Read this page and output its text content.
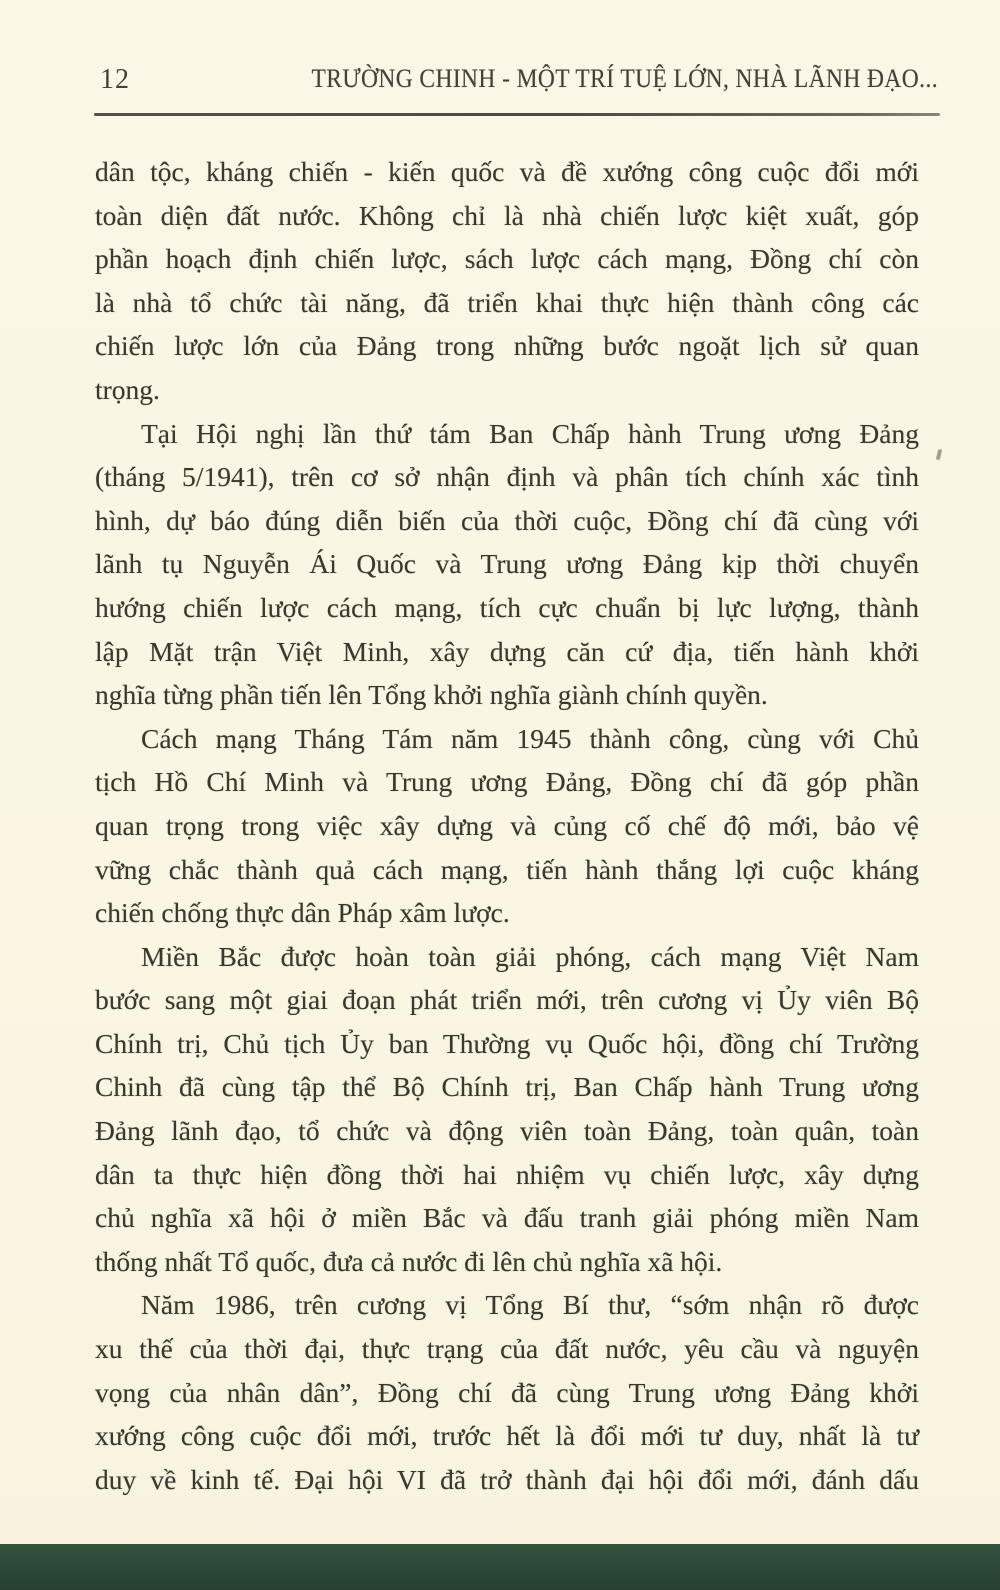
12	TRƯỜNG CHINH - MỘT TRÍ TUỆ LỚN, NHÀ LÃNH ĐẠO...
dân tộc, kháng chiến - kiến quốc và đề xướng công cuộc đổi mới
toàn diện đất nước. Không chỉ là nhà chiến lược kiệt xuất, góp
phần hoạch định chiến lược, sách lược cách mạng, Đồng chí còn
là nhà tổ chức tài năng, đã triển khai thực hiện thành công các
chiến lược lớn của Đảng trong những bước ngoặt lịch sử quan
trọng.
Tại Hội nghị lần thứ tám Ban Chấp hành Trung ương Đảng
(tháng 5/1941), trên cơ sở nhận định và phân tích chính xác tình
hình, dự báo đúng diễn biến của thời cuộc, Đồng chí đã cùng với
lãnh tụ Nguyễn Ái Quốc và Trung ương Đảng kịp thời chuyển
hướng chiến lược cách mạng, tích cực chuẩn bị lực lượng, thành
lập Mặt trận Việt Minh, xây dựng căn cứ địa, tiến hành khởi
nghĩa từng phần tiến lên Tổng khởi nghĩa giành chính quyền.
Cách mạng Tháng Tám năm 1945 thành công, cùng với Chủ
tịch Hồ Chí Minh và Trung ương Đảng, Đồng chí đã góp phần
quan trọng trong việc xây dựng và củng cố chế độ mới, bảo vệ
vững chắc thành quả cách mạng, tiến hành thắng lợi cuộc kháng
chiến chống thực dân Pháp xâm lược.
Miền Bắc được hoàn toàn giải phóng, cách mạng Việt Nam
bước sang một giai đoạn phát triển mới, trên cương vị Ủy viên Bộ
Chính trị, Chủ tịch Ủy ban Thường vụ Quốc hội, đồng chí Trường
Chinh đã cùng tập thể Bộ Chính trị, Ban Chấp hành Trung ương
Đảng lãnh đạo, tổ chức và động viên toàn Đảng, toàn quân, toàn
dân ta thực hiện đồng thời hai nhiệm vụ chiến lược, xây dựng
chủ nghĩa xã hội ở miền Bắc và đấu tranh giải phóng miền Nam
thống nhất Tổ quốc, đưa cả nước đi lên chủ nghĩa xã hội.
Năm 1986, trên cương vị Tổng Bí thư, “sớm nhận rõ được
xu thế của thời đại, thực trạng của đất nước, yêu cầu và nguyện
vọng của nhân dân”, Đồng chí đã cùng Trung ương Đảng khởi
xướng công cuộc đổi mới, trước hết là đổi mới tư duy, nhất là tư
duy về kinh tế. Đại hội VI đã trở thành đại hội đổi mới, đánh dấu
